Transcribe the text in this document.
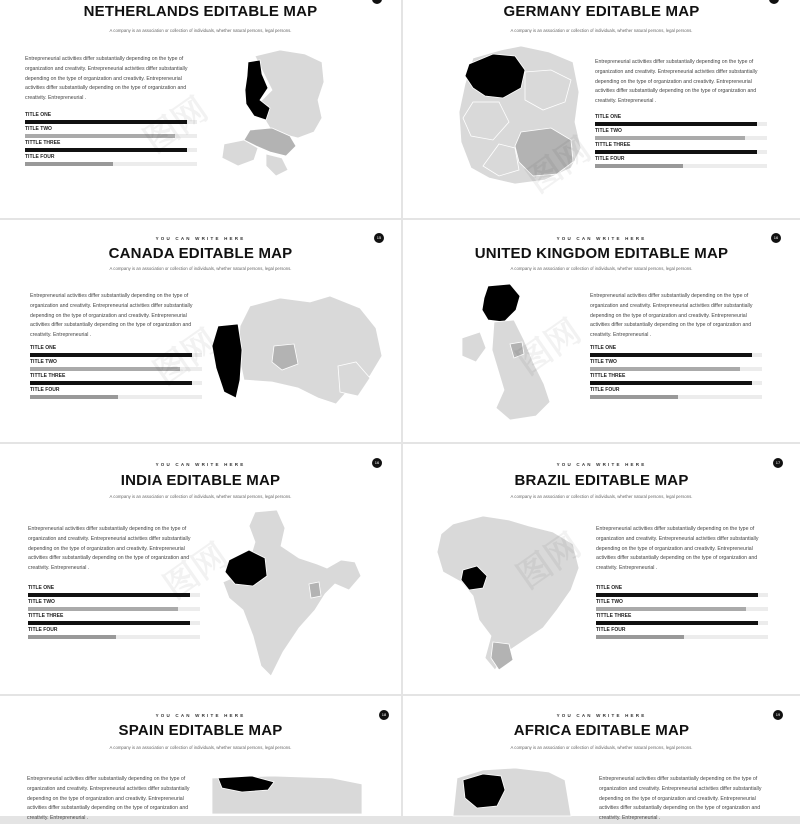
NETHERLANDS EDITABLE MAP
A company is an association or collection of individuals, whether natural persons, legal persons.
Entrepreneurial activities differ substantially depending on the type of organization and creativity. Entrepreneurial activities differ substantially depending on the type of organization and creativity. Entrepreneurial activities differ substantially depending on the type of organization and creativity. Entrepreneurial .
TITLE ONE
TITLE TWO
TITTLE THREE
TITLE FOUR	图网
GERMANY EDITABLE MAP
A company is an association or collection of individuals, whether natural persons, legal persons.
Entrepreneurial activities differ substantially depending on the type of organization and creativity. Entrepreneurial activities differ substantially depending on the type of organization and creativity. Entrepreneurial activities differ substantially depending on the type of organization and creativity. Entrepreneurial .
TITLE ONE
TITLE TWO
TITTLE THREE
TITLE FOUR
YOU CAN WRITE HERE
CANADA EDITABLE MAP
A company is an association or collection of individuals, whether natural persons, legal persons.
15
Entrepreneurial activities differ substantially depending on the type of organization and creativity. Entrepreneurial activities differ substantially depending on the type of organization and creativity. Entrepreneurial activities differ substantially depending on the type of organization and creativity. Entrepreneurial .
TITLE ONE
TITLE TWO
TITTLE THREE
TITLE FOUR	图网
YOU CAN WRITE HERE
UNITED KINGDOM EDITABLE MAP
A company is an association or collection of individuals, whether natural persons, legal persons.
16
Entrepreneurial activities differ substantially depending on the type of organization and creativity. Entrepreneurial activities differ substantially depending on the type of organization and creativity. Entrepreneurial activities differ substantially depending on the type of organization and creativity. Entrepreneurial .
TITLE ONE
TITLE TWO
TITTLE THREE
TITLE FOUR
图网
YOU CAN WRITE HERE
INDIA EDITABLE MAP
A company is an association or collection of individuals, whether natural persons, legal persons.
16
Entrepreneurial activities differ substantially depending on the type of organization and creativity. Entrepreneurial activities differ substantially depending on the type of organization and creativity. Entrepreneurial activities differ substantially depending on the type of organization and creativity. Entrepreneurial .
TITLE ONE
TITLE TWO
TITTLE THREE
TITLE FOUR
图网
YOU CAN WRITE HERE
BRAZIL EDITABLE MAP
A company is an association or collection of individuals, whether natural persons, legal persons.
17
Entrepreneurial activities differ substantially depending on the type of organization and creativity. Entrepreneurial activities differ substantially depending on the type of organization and creativity. Entrepreneurial activities differ substantially depending on the type of organization and creativity. Entrepreneurial .
TITLE ONE
TITLE TWO
TITTLE THREE
TITLE FOUR
YOU CAN WRITE HERE
SPAIN EDITABLE MAP
A company is an association or collection of individuals, whether natural persons, legal persons.
18
Entrepreneurial activities differ substantially depending on the type of organization and creativity. Entrepreneurial activities differ substantially depending on the type of organization and creativity. Entrepreneurial activities differ substantially depending on the type of organization and creativity. Entrepreneurial .
YOU CAN WRITE HERE
AFRICA EDITABLE MAP
A company is an association or collection of individuals, whether natural persons, legal persons.
19
Entrepreneurial activities differ substantially depending on the type of organization and creativity. Entrepreneurial activities differ substantially depending on the type of organization and creativity. Entrepreneurial activities differ substantially depending on the type of organization and creativity. Entrepreneurial .
